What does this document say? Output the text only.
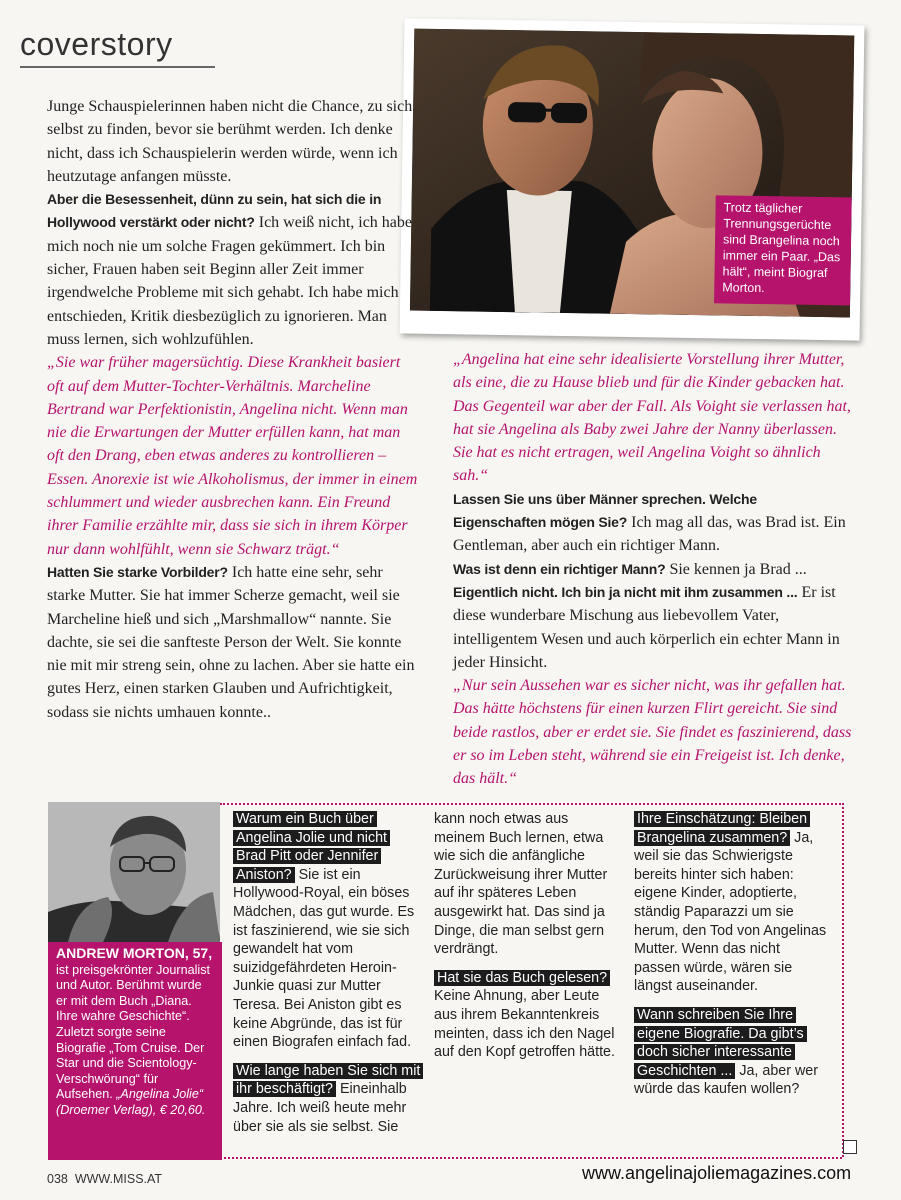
coverstory
Trotz täglicher Trennungsgerüchte sind Brangelina noch immer ein Paar. „Das hält“, meint Biograf Morton.

Junge Schauspielerinnen haben nicht die Chance, zu sich selbst zu finden, bevor sie berühmt werden. Ich denke nicht, dass ich Schauspielerin werden würde, wenn ich heutzutage anfangen müsste.

Aber die Besessenheit, dünn zu sein, hat sich die in Hollywood verstärkt oder nicht? Ich weiß nicht, ich habe mich noch nie um solche Fragen gekümmert. Ich bin sicher, Frauen haben seit Beginn aller Zeit immer irgendwelche Probleme mit sich gehabt. Ich habe mich entschieden, Kritik diesbezüglich zu ignorieren. Man muss lernen, sich wohlzufühlen.

„Sie war früher magersüchtig. Diese Krankheit basiert oft auf dem Mutter-Tochter-Verhältnis. Marcheline Bertrand war Perfektionistin, Angelina nicht. Wenn man nie die Erwartungen der Mutter erfüllen kann, hat man oft den Drang, eben etwas anderes zu kontrollieren – Essen. Anorexie ist wie Alkoholismus, der immer in einem schlummert und wieder ausbrechen kann. Ein Freund ihrer Familie erzählte mir, dass sie sich in ihrem Körper nur dann wohlfühlt, wenn sie Schwarz trägt.“

Hatten Sie starke Vorbilder? Ich hatte eine sehr, sehr starke Mutter. Sie hat immer Scherze gemacht, weil sie Marcheline hieß und sich „Marshmallow“ nannte. Sie dachte, sie sei die sanfteste Person der Welt. Sie konnte nie mit mir streng sein, ohne zu lachen. Aber sie hatte ein gutes Herz, einen starken Glauben und Aufrichtigkeit, sodass sie nichts umhauen konnte..

„Angelina hat eine sehr idealisierte Vorstellung ihrer Mutter, als eine, die zu Hause blieb und für die Kinder gebacken hat. Das Gegenteil war aber der Fall. Als Voight sie verlassen hat, hat sie Angelina als Baby zwei Jahre der Nanny überlassen. Sie hat es nicht ertragen, weil Angelina Voight so ähnlich sah.“

Lassen Sie uns über Männer sprechen. Welche Eigenschaften mögen Sie? Ich mag all das, was Brad ist. Ein Gentleman, aber auch ein richtiger Mann.

Was ist denn ein richtiger Mann? Sie kennen ja Brad ...

Eigentlich nicht. Ich bin ja nicht mit ihm zusammen ... Er ist diese wunderbare Mischung aus liebevollem Vater, intelligentem Wesen und auch körperlich ein echter Mann in jeder Hinsicht.

„Nur sein Aussehen war es sicher nicht, was ihr gefallen hat. Das hätte höchstens für einen kurzen Flirt gereicht. Sie sind beide rastlos, aber er erdet sie. Sie findet es faszinierend, dass er so im Leben steht, während sie ein Freigeist ist. Ich denke, das hält.“

ANDREW MORTON, 57, ist preisgekrönter Journalist und Autor. Berühmt wurde er mit dem Buch „Diana. Ihre wahre Geschichte“. Zuletzt sorgte seine Biografie „Tom Cruise. Der Star und die Scientology-Verschwörung“ für Aufsehen. „Angelina Jolie“ (Droemer Verlag), € 20,60.

Warum ein Buch über Angelina Jolie und nicht Brad Pitt oder Jennifer Aniston? Sie ist ein Hollywood-Royal, ein böses Mädchen, das gut wurde. Es ist faszinierend, wie sie sich gewandelt hat vom suizidgefährdeten Heroin-Junkie quasi zur Mutter Teresa. Bei Aniston gibt es keine Abgründe, das ist für einen Biografen einfach fad.

Wie lange haben Sie sich mit ihr beschäftigt? Eineinhalb Jahre. Ich weiß heute mehr über sie als sie selbst. Sie

kann noch etwas aus meinem Buch lernen, etwa wie sich die anfängliche Zurückweisung ihrer Mutter auf ihr späteres Leben ausgewirkt hat. Das sind ja Dinge, die man selbst gern verdrängt.

Hat sie das Buch gelesen? Keine Ahnung, aber Leute aus ihrem Bekanntenkreis meinten, dass ich den Nagel auf den Kopf getroffen hätte.

Ihre Einschätzung: Bleiben Brangelina zusammen? Ja, weil sie das Schwierigste bereits hinter sich haben: eigene Kinder, adoptierte, ständig Paparazzi um sie herum, den Tod von Angelinas Mutter. Wenn das nicht passen würde, wären sie längst auseinander.

Wann schreiben Sie Ihre eigene Biografie. Da gibt’s doch sicher interessante Geschichten ... Ja, aber wer würde das kaufen wollen?

038 WWW.MISS.AT	www.angelinajoliemagazines.com
